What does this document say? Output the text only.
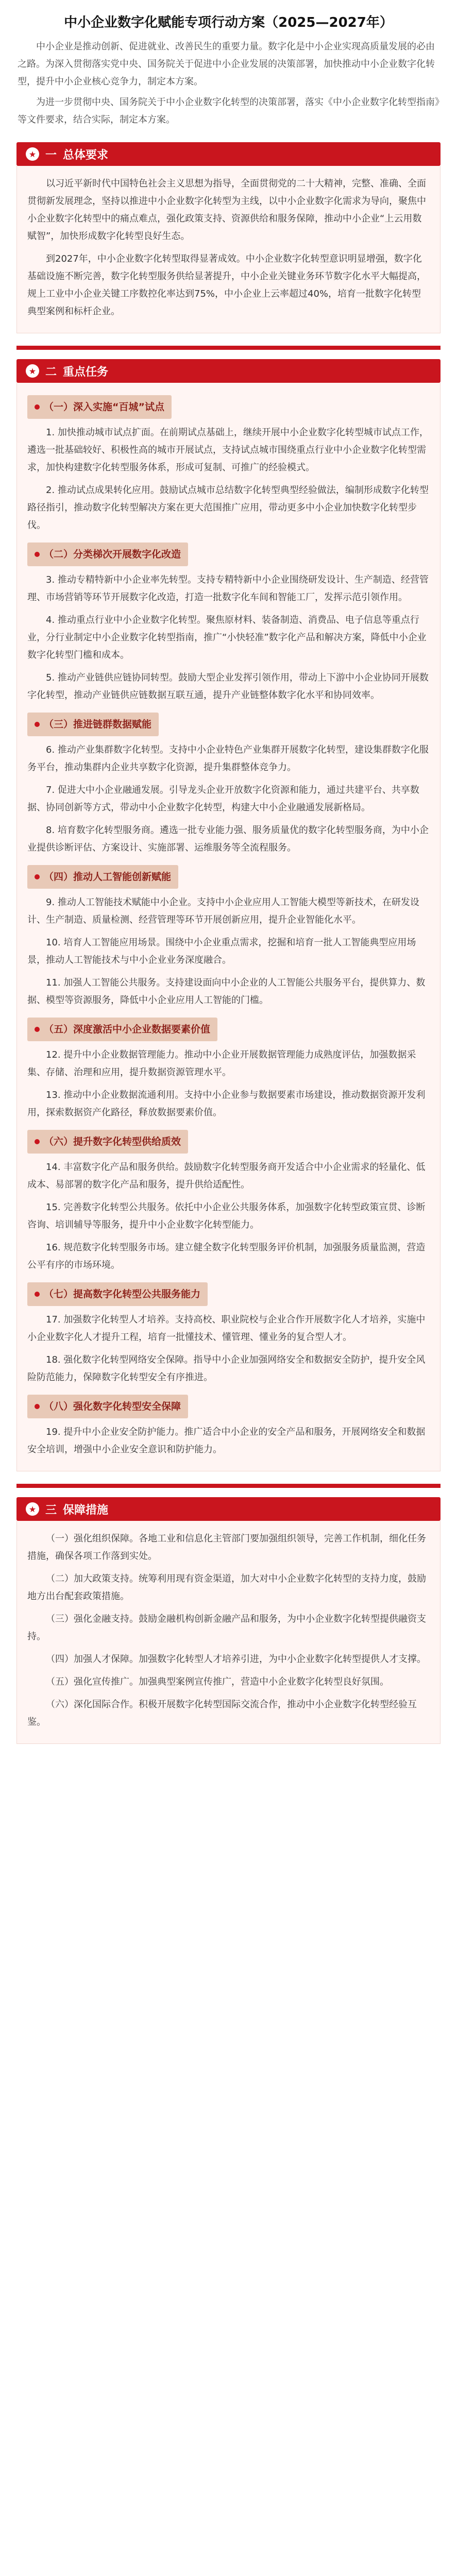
中小企业数字化赋能专项行动方案（2025—2027年）

中小企业是推动创新、促进就业、改善民生的重要力量。数字化是中小企业实现高质量发展的必由之路。为深入贯彻落实党中央、国务院关于促进中小企业发展的决策部署，加快推动中小企业数字化转型，提升中小企业核心竞争力，制定本方案。

为进一步贯彻中央、国务院关于中小企业数字化转型的决策部署，落实《中小企业数字化转型指南》等文件要求，结合实际，制定本方案。

★ 一 总体要求

以习近平新时代中国特色社会主义思想为指导，全面贯彻党的二十大精神，完整、准确、全面贯彻新发展理念，坚持以推进中小企业数字化转型为主线，以中小企业数字化需求为导向，聚焦中小企业数字化转型中的痛点难点，强化政策支持、资源供给和服务保障，推动中小企业“上云用数赋智”，加快形成数字化转型良好生态。

到2027年，中小企业数字化转型取得显著成效。中小企业数字化转型意识明显增强，数字化基础设施不断完善，数字化转型服务供给显著提升，中小企业关键业务环节数字化水平大幅提高，规上工业中小企业关键工序数控化率达到75%，中小企业上云率超过40%，培育一批数字化转型典型案例和标杆企业。

★ 二 重点任务
（一）深入实施“百城”试点

1. 加快推动城市试点扩面。在前期试点基础上，继续开展中小企业数字化转型城市试点工作，遴选一批基础较好、积极性高的城市开展试点，支持试点城市围绕重点行业中小企业数字化转型需求，加快构建数字化转型服务体系，形成可复制、可推广的经验模式。

2. 推动试点成果转化应用。鼓励试点城市总结数字化转型典型经验做法，编制形成数字化转型路径指引，推动数字化转型解决方案在更大范围推广应用，带动更多中小企业加快数字化转型步伐。

（二）分类梯次开展数字化改造

3. 推动专精特新中小企业率先转型。支持专精特新中小企业围绕研发设计、生产制造、经营管理、市场营销等环节开展数字化改造，打造一批数字化车间和智能工厂，发挥示范引领作用。

4. 推动重点行业中小企业数字化转型。聚焦原材料、装备制造、消费品、电子信息等重点行业，分行业制定中小企业数字化转型指南，推广“小快轻准”数字化产品和解决方案，降低中小企业数字化转型门槛和成本。

5. 推动产业链供应链协同转型。鼓励大型企业发挥引领作用，带动上下游中小企业协同开展数字化转型，推动产业链供应链数据互联互通，提升产业链整体数字化水平和协同效率。

（三）推进链群数据赋能

6. 推动产业集群数字化转型。支持中小企业特色产业集群开展数字化转型，建设集群数字化服务平台，推动集群内企业共享数字化资源，提升集群整体竞争力。

7. 促进大中小企业融通发展。引导龙头企业开放数字化资源和能力，通过共建平台、共享数据、协同创新等方式，带动中小企业数字化转型，构建大中小企业融通发展新格局。

8. 培育数字化转型服务商。遴选一批专业能力强、服务质量优的数字化转型服务商，为中小企业提供诊断评估、方案设计、实施部署、运维服务等全流程服务。

（四）推动人工智能创新赋能

9. 推动人工智能技术赋能中小企业。支持中小企业应用人工智能大模型等新技术，在研发设计、生产制造、质量检测、经营管理等环节开展创新应用，提升企业智能化水平。

10. 培育人工智能应用场景。围绕中小企业重点需求，挖掘和培育一批人工智能典型应用场景，推动人工智能技术与中小企业业务深度融合。

11. 加强人工智能公共服务。支持建设面向中小企业的人工智能公共服务平台，提供算力、数据、模型等资源服务，降低中小企业应用人工智能的门槛。

（五）深度激活中小企业数据要素价值

12. 提升中小企业数据管理能力。推动中小企业开展数据管理能力成熟度评估，加强数据采集、存储、治理和应用，提升数据资源管理水平。

13. 推动中小企业数据流通利用。支持中小企业参与数据要素市场建设，推动数据资源开发利用，探索数据资产化路径，释放数据要素价值。

（六）提升数字化转型供给质效

14. 丰富数字化产品和服务供给。鼓励数字化转型服务商开发适合中小企业需求的轻量化、低成本、易部署的数字化产品和服务，提升供给适配性。

15. 完善数字化转型公共服务。依托中小企业公共服务体系，加强数字化转型政策宣贯、诊断咨询、培训辅导等服务，提升中小企业数字化转型能力。

16. 规范数字化转型服务市场。建立健全数字化转型服务评价机制，加强服务质量监测，营造公平有序的市场环境。

（七）提高数字化转型公共服务能力

17. 加强数字化转型人才培养。支持高校、职业院校与企业合作开展数字化人才培养，实施中小企业数字化人才提升工程，培育一批懂技术、懂管理、懂业务的复合型人才。

18. 强化数字化转型网络安全保障。指导中小企业加强网络安全和数据安全防护，提升安全风险防范能力，保障数字化转型安全有序推进。

（八）强化数字化转型安全保障

19. 提升中小企业安全防护能力。推广适合中小企业的安全产品和服务，开展网络安全和数据安全培训，增强中小企业安全意识和防护能力。

★ 三 保障措施

（一）强化组织保障。各地工业和信息化主管部门要加强组织领导，完善工作机制，细化任务措施，确保各项工作落到实处。

（二）加大政策支持。统筹利用现有资金渠道，加大对中小企业数字化转型的支持力度，鼓励地方出台配套政策措施。

（三）强化金融支持。鼓励金融机构创新金融产品和服务，为中小企业数字化转型提供融资支持。

（四）加强人才保障。加强数字化转型人才培养引进，为中小企业数字化转型提供人才支撑。

（五）强化宣传推广。加强典型案例宣传推广，营造中小企业数字化转型良好氛围。

（六）深化国际合作。积极开展数字化转型国际交流合作，推动中小企业数字化转型经验互鉴。
